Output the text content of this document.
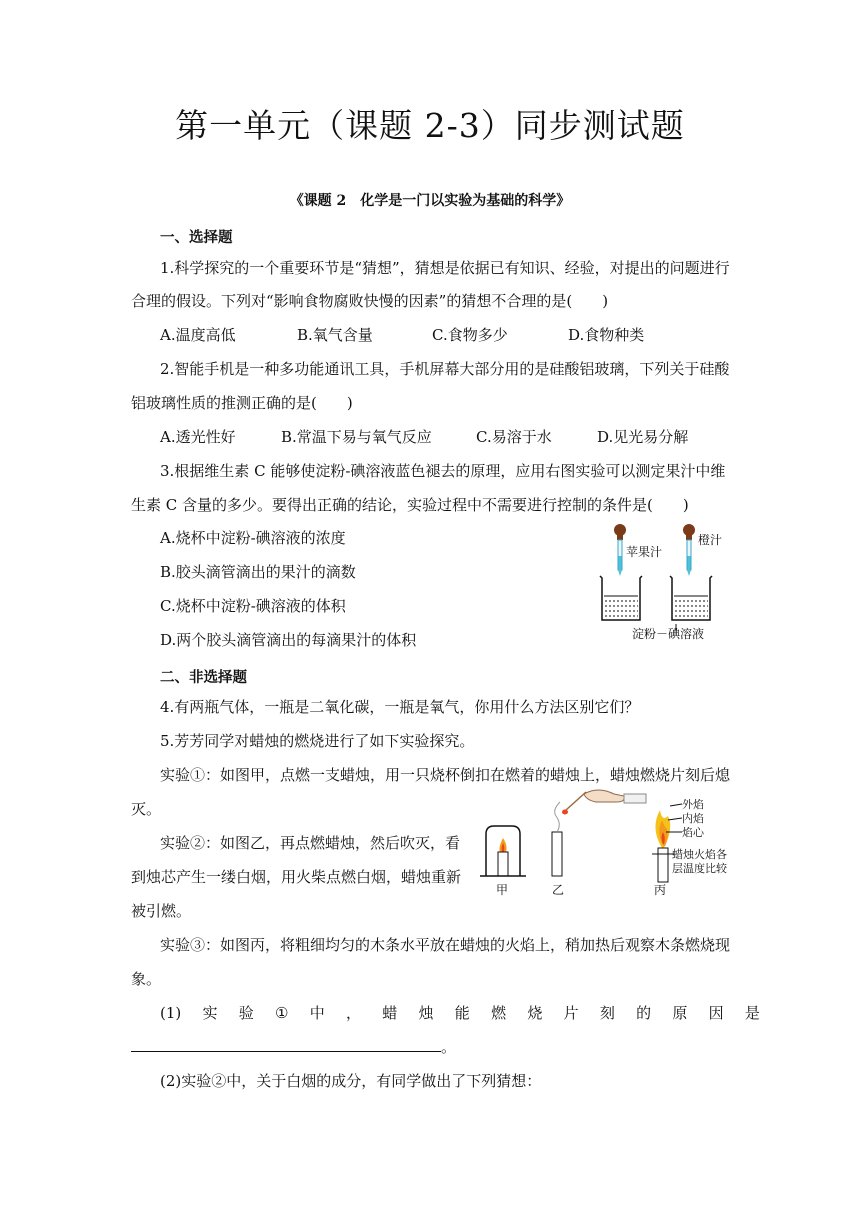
第一单元（课题 2-3）同步测试题
《课题 2　化学是一门以实验为基础的科学》
一、选择题
1.科学探究的一个重要环节是“猜想”，猜想是依据已有知识、经验，对提出的问题进行
合理的假设。下列对“影响食物腐败快慢的因素”的猜想不合理的是(　　)
A.温度高低	B.氧气含量	C.食物多少	D.食物种类
2.智能手机是一种多功能通讯工具，手机屏幕大部分用的是硅酸铝玻璃，下列关于硅酸
铝玻璃性质的推测正确的是(　　)
A.透光性好	B.常温下易与氧气反应	C.易溶于水	D.见光易分解
3.根据维生素 C 能够使淀粉-碘溶液蓝色褪去的原理，应用右图实验可以测定果汁中维
生素 C 含量的多少。要得出正确的结论，实验过程中不需要进行控制的条件是(　　)
A.烧杯中淀粉-碘溶液的浓度
B.胶头滴管滴出的果汁的滴数
C.烧杯中淀粉-碘溶液的体积
D.两个胶头滴管滴出的每滴果汁的体积
苹果汁
橙汁
淀粉－碘溶液
二、非选择题
4.有两瓶气体，一瓶是二氧化碳，一瓶是氧气，你用什么方法区别它们？
5.芳芳同学对蜡烛的燃烧进行了如下实验探究。
实验①：如图甲，点燃一支蜡烛，用一只烧杯倒扣在燃着的蜡烛上，蜡烛燃烧片刻后熄
灭。
实验②：如图乙，再点燃蜡烛，然后吹灭，看
到烛芯产生一缕白烟，用火柴点燃白烟，蜡烛重新
被引燃。
甲	乙
外焰
内焰
焰心
蜡烛火焰各
层温度比较
丙
实验③：如图丙，将粗细均匀的木条水平放在蜡烛的火焰上，稍加热后观察木条燃烧现
象。
(1) 实 验 ① 中 ， 蜡 烛 能 燃 烧 片 刻 的 原 因 是
。
(2)实验②中，关于白烟的成分，有同学做出了下列猜想：
